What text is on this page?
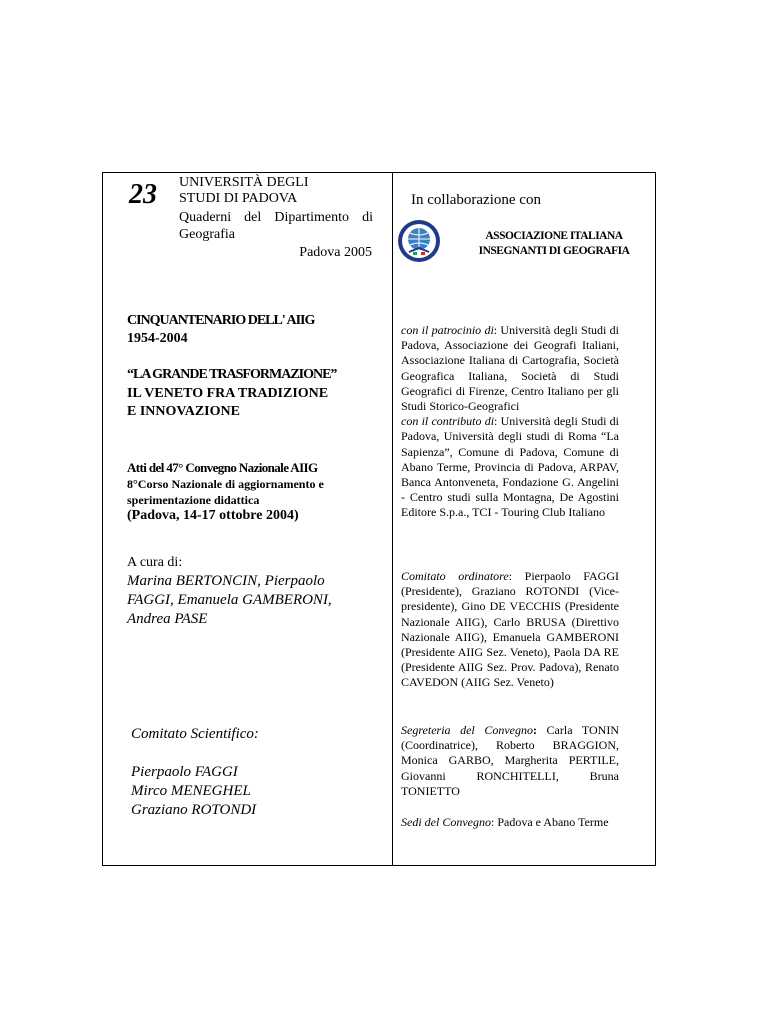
23 UNIVERSITÀ DEGLI
STUDI DI PADOVA
Quaderni del Dipartimento di
Geografia
Padova 2005
CINQUANTENARIO DELL' AIIG
1954-2004
“LA GRANDE TRASFORMAZIONE”
IL VENETO FRA TRADIZIONE
E INNOVAZIONE
Atti del 47° Convegno Nazionale AIIG
8°Corso Nazionale di aggiornamento e
sperimentazione didattica
(Padova, 14-17 ottobre 2004)
A cura di:
Marina BERTONCIN, Pierpaolo
FAGGI, Emanuela GAMBERONI,
Andrea PASE
Comitato Scientifico:
Pierpaolo FAGGI
Mirco MENEGHEL
Graziano ROTONDI
In collaborazione con
ASSOCIAZIONE ITALIANA
INSEGNANTI DI GEOGRAFIA
con il patrocinio di: Università degli Studi di Padova, Associazione dei Geografi Italiani, Associazione Italiana di Cartografia, Società Geografica Italiana, Società di Studi Geografici di Firenze, Centro Italiano per gli Studi Storico-Geografici
con il contributo di: Università degli Studi di Padova, Università degli studi di Roma “La Sapienza”, Comune di Padova, Comune di Abano Terme, Provincia di Padova, ARPAV, Banca Antonveneta, Fondazione G. Angelini - Centro studi sulla Montagna, De Agostini Editore S.p.a., TCI - Touring Club Italiano
Comitato ordinatore: Pierpaolo FAGGI (Presidente), Graziano ROTONDI (Vice-presidente), Gino DE VECCHIS (Presidente Nazionale AIIG), Carlo BRUSA (Direttivo Nazionale AIIG), Emanuela GAMBERONI (Presidente AIIG Sez. Veneto), Paola DA RE (Presidente AIIG Sez. Prov. Padova), Renato CAVEDON (AIIG Sez. Veneto)
Segreteria del Convegno: Carla TONIN (Coordinatrice), Roberto BRAGGION, Monica GARBO, Margherita PERTILE, Giovanni RONCHITELLI, Bruna TONIETTO
Sedi del Convegno: Padova e Abano Terme
